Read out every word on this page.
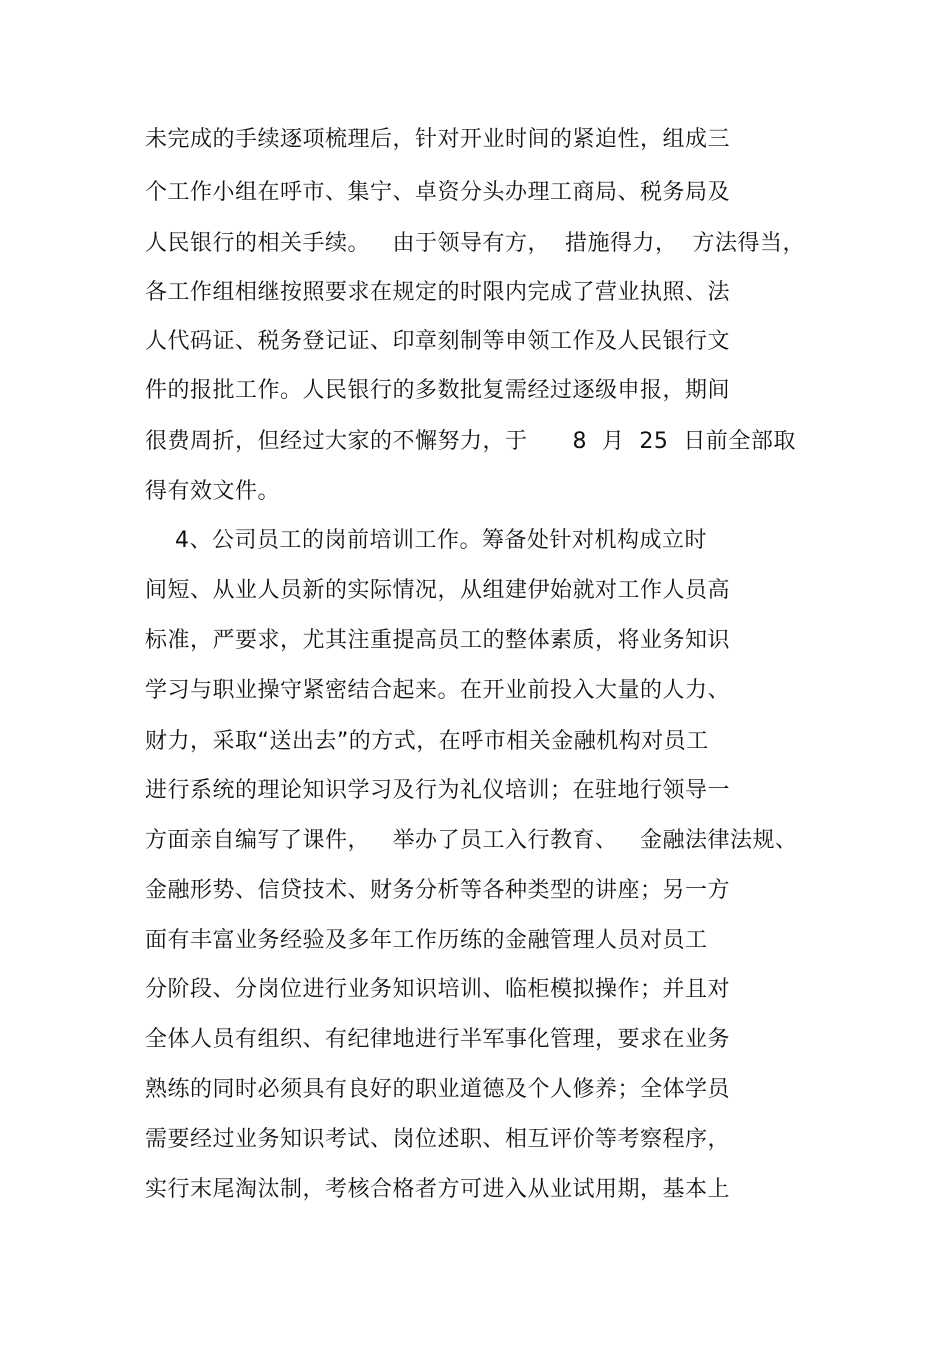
未完成的手续逐项梳理后，针对开业时间的紧迫性，组成三
个工作小组在呼市、集宁、卓资分头办理工商局、税务局及
人民银行的相关手续。   由于领导有方，  措施得力，  方法得当，
各工作组相继按照要求在规定的时限内完成了营业执照、法
人代码证、税务登记证、印章刻制等申领工作及人民银行文
件的报批工作。人民银行的多数批复需经过逐级申报，期间
很费周折，但经过大家的不懈努力，于      8  月  25  日前全部取
得有效文件。
4、公司员工的岗前培训工作。筹备处针对机构成立时
间短、从业人员新的实际情况，从组建伊始就对工作人员高
标准，严要求，尤其注重提高员工的整体素质，将业务知识
学习与职业操守紧密结合起来。在开业前投入大量的人力、
财力，采取“送出去”的方式，在呼市相关金融机构对员工
进行系统的理论知识学习及行为礼仪培训；在驻地行领导一
方面亲自编写了课件，   举办了员工入行教育、   金融法律法规、
金融形势、信贷技术、财务分析等各种类型的讲座；另一方
面有丰富业务经验及多年工作历练的金融管理人员对员工
分阶段、分岗位进行业务知识培训、临柜模拟操作；并且对
全体人员有组织、有纪律地进行半军事化管理，要求在业务
熟练的同时必须具有良好的职业道德及个人修养；全体学员
需要经过业务知识考试、岗位述职、相互评价等考察程序，
实行末尾淘汰制，考核合格者方可进入从业试用期，基本上
